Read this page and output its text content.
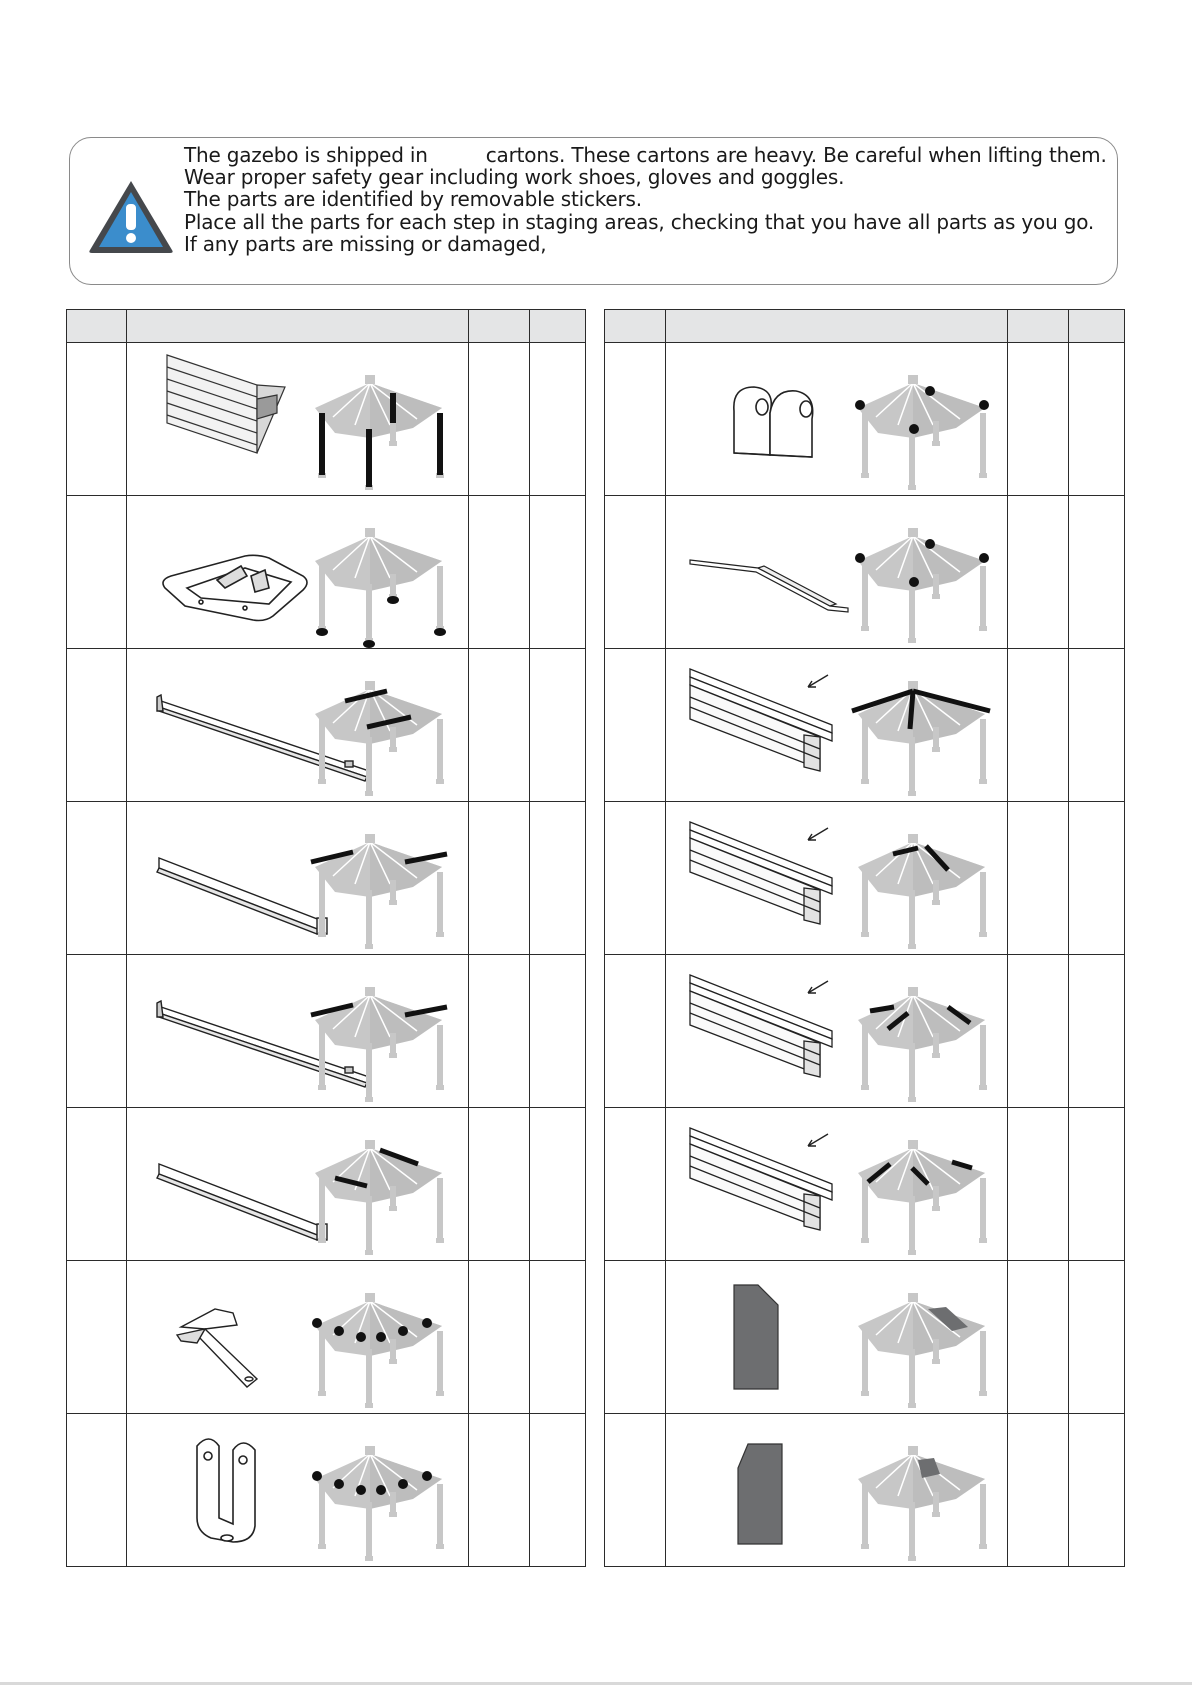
The gazebo is shipped in	cartons. These cartons are heavy. Be careful when lifting them.
Wear proper safety gear including work shoes, gloves and goggles.
The parts are identified by removable stickers.
Place all the parts for each step in staging areas, checking that you have all parts as you go.
If any parts are missing or damaged,
